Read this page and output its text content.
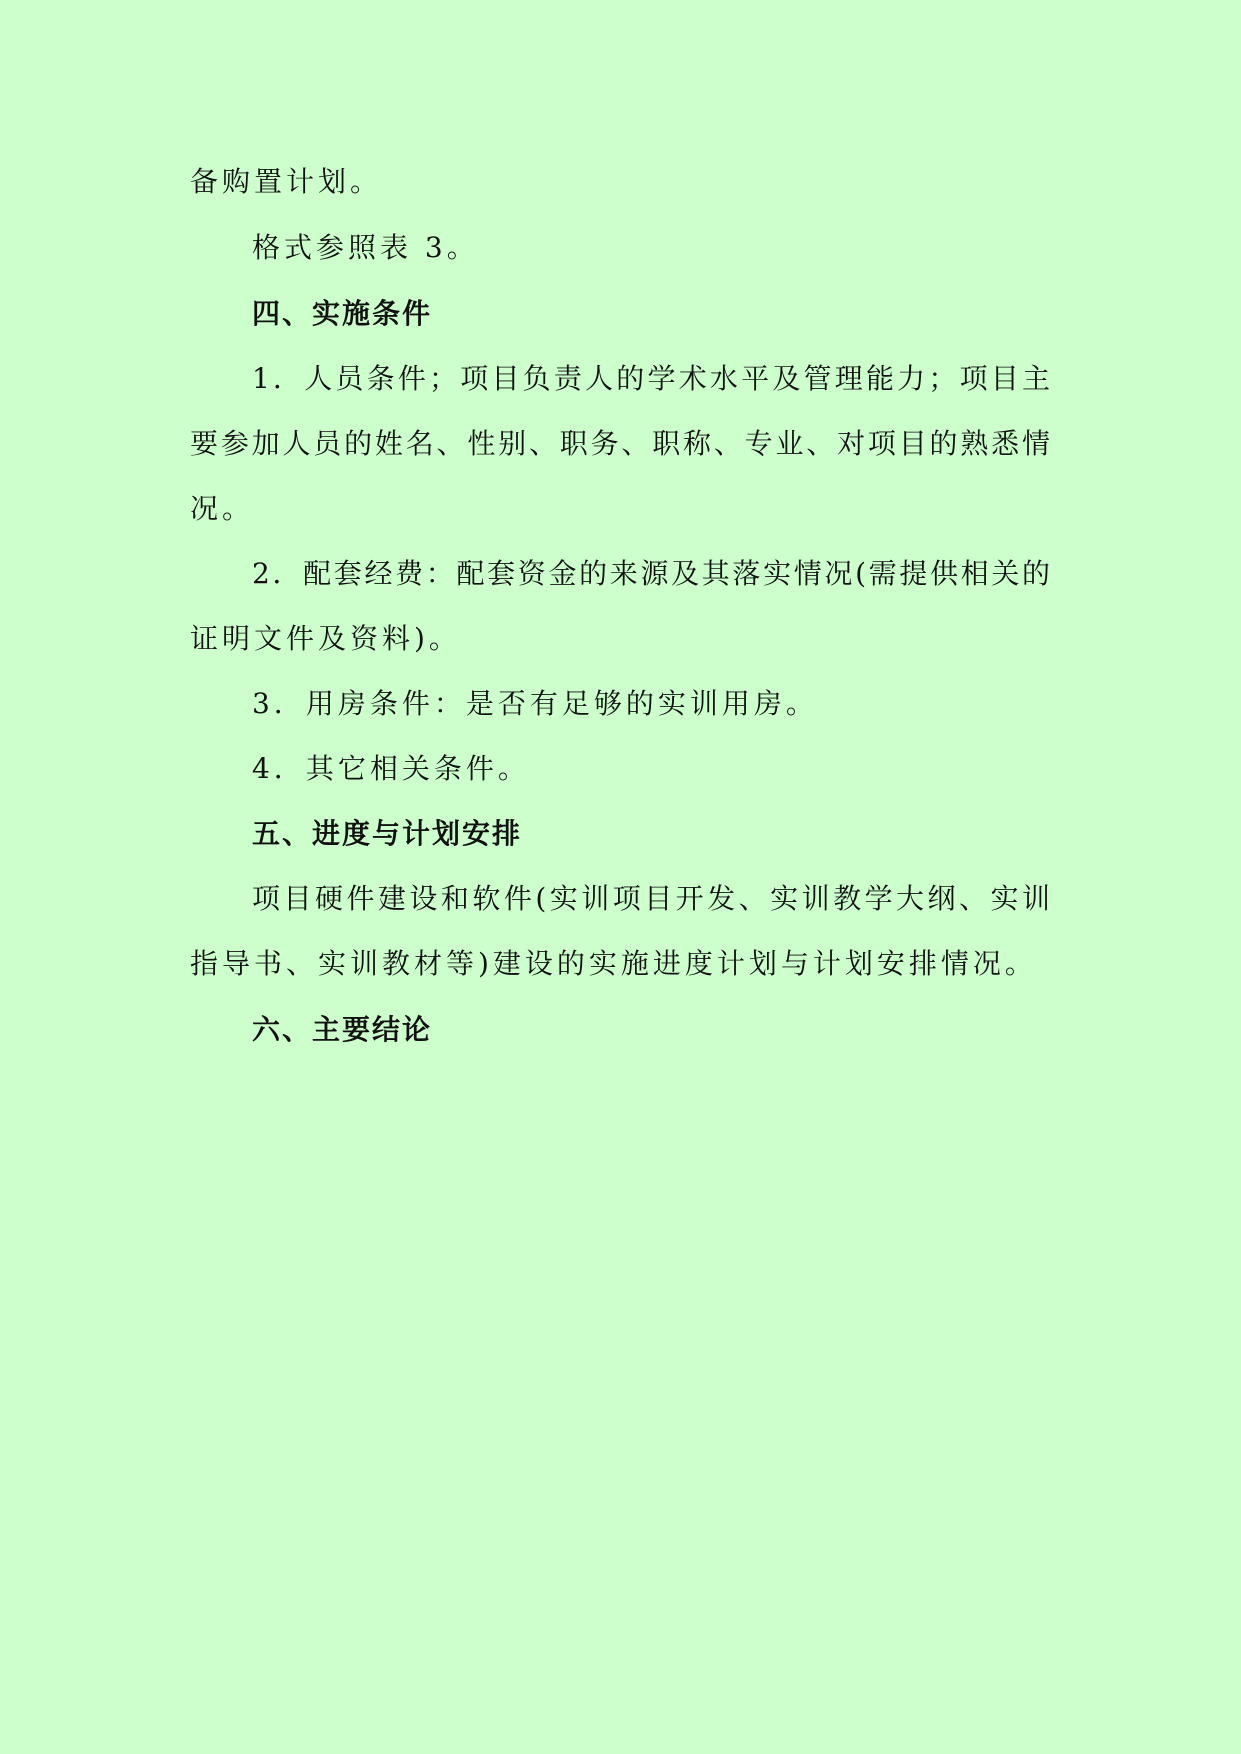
备购置计划。
格式参照表 3。
四、实施条件
1．人员条件；项目负责人的学术水平及管理能力；项目主
要参加人员的姓名、性别、职务、职称、专业、对项目的熟悉情
况。
2．配套经费：配套资金的来源及其落实情况(需提供相关的
证明文件及资料)。
3．用房条件：是否有足够的实训用房。
4．其它相关条件。
五、进度与计划安排
项目硬件建设和软件(实训项目开发、实训教学大纲、实训
指导书、实训教材等)建设的实施进度计划与计划安排情况。
六、主要结论
